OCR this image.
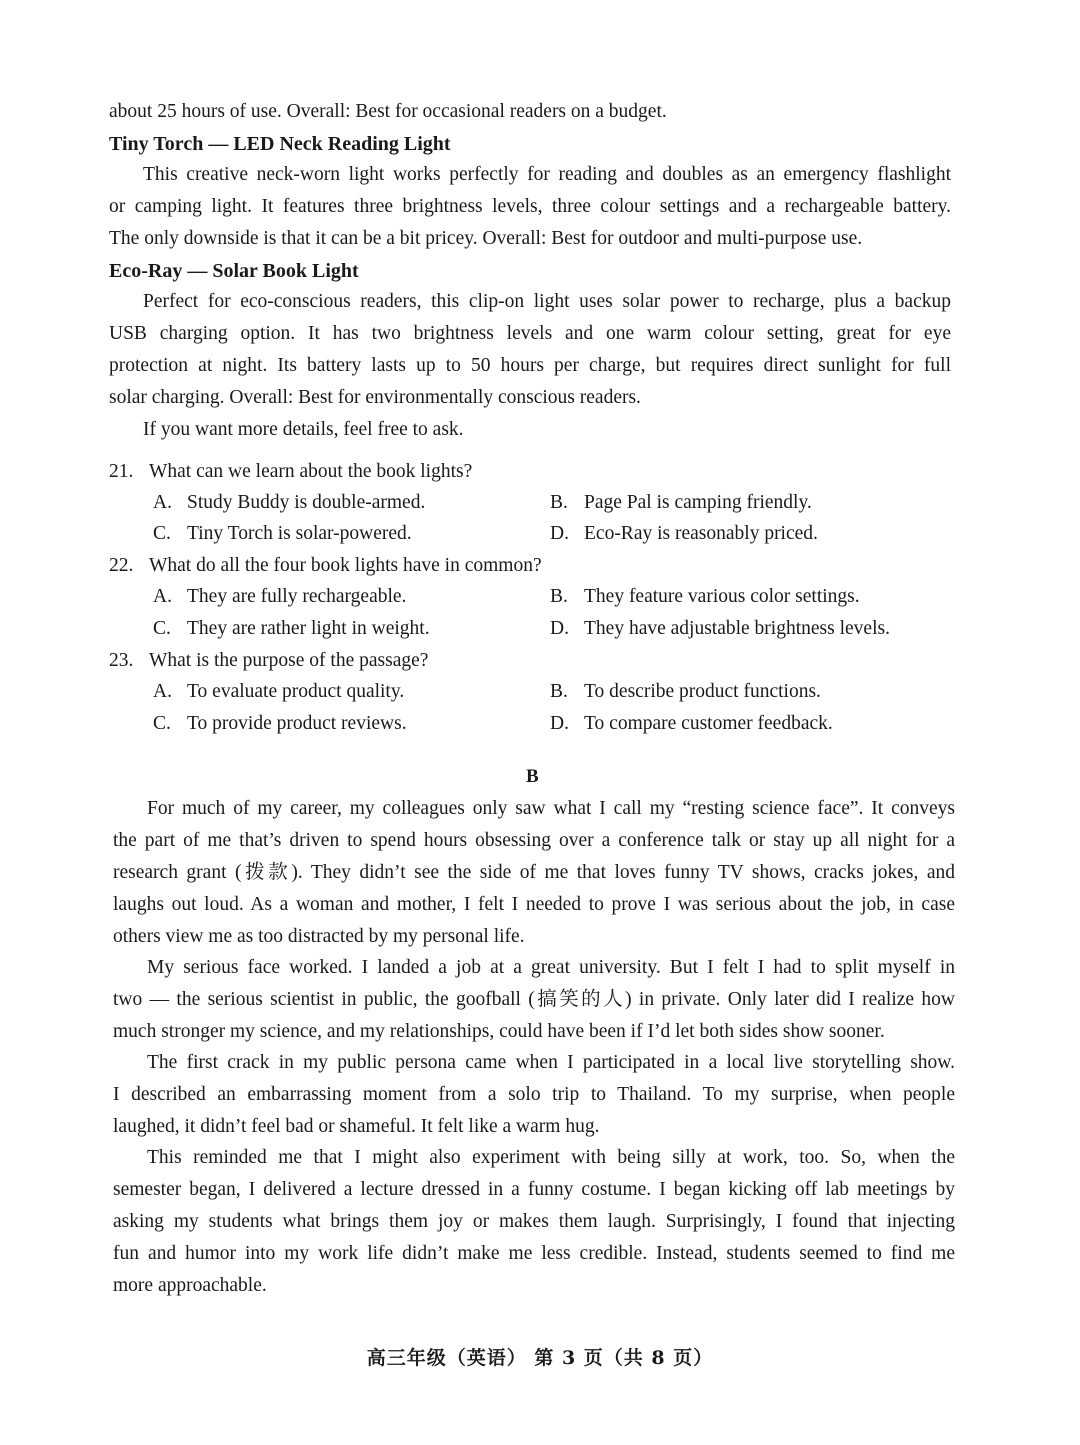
about 25 hours of use. Overall: Best for occasional readers on a budget.
Tiny Torch — LED Neck Reading Light
This creative neck-worn light works perfectly for reading and doubles as an emergency flashlight
or camping light. It features three brightness levels, three colour settings and a rechargeable battery.
The only downside is that it can be a bit pricey. Overall: Best for outdoor and multi-purpose use.
Eco-Ray — Solar Book Light
Perfect for eco-conscious readers, this clip-on light uses solar power to recharge, plus a backup
USB charging option. It has two brightness levels and one warm colour setting, great for eye
protection at night. Its battery lasts up to 50 hours per charge, but requires direct sunlight for full
solar charging. Overall: Best for environmentally conscious readers.
If you want more details, feel free to ask.
21. What can we learn about the book lights?
A. Study Buddy is double-armed.	B. Page Pal is camping friendly.
C. Tiny Torch is solar-powered.	D. Eco-Ray is reasonably priced.
22. What do all the four book lights have in common?
A. They are fully rechargeable.	B. They feature various color settings.
C. They are rather light in weight.	D. They have adjustable brightness levels.
23. What is the purpose of the passage?
A. To evaluate product quality.	B. To describe product functions.
C. To provide product reviews.	D. To compare customer feedback.
B
For much of my career, my colleagues only saw what I call my “resting science face”. It conveys
the part of me that’s driven to spend hours obsessing over a conference talk or stay up all night for a
research grant (拨款). They didn’t see the side of me that loves funny TV shows, cracks jokes, and
laughs out loud. As a woman and mother, I felt I needed to prove I was serious about the job, in case
others view me as too distracted by my personal life.
My serious face worked. I landed a job at a great university. But I felt I had to split myself in
two — the serious scientist in public, the goofball (搞笑的人) in private. Only later did I realize how
much stronger my science, and my relationships, could have been if I’d let both sides show sooner.
The first crack in my public persona came when I participated in a local live storytelling show.
I described an embarrassing moment from a solo trip to Thailand. To my surprise, when people
laughed, it didn’t feel bad or shameful. It felt like a warm hug.
This reminded me that I might also experiment with being silly at work, too. So, when the
semester began, I delivered a lecture dressed in a funny costume. I began kicking off lab meetings by
asking my students what brings them joy or makes them laugh. Surprisingly, I found that injecting
fun and humor into my work life didn’t make me less credible. Instead, students seemed to find me
more approachable.
高三年级（英语） 第 3 页（共 8 页）
